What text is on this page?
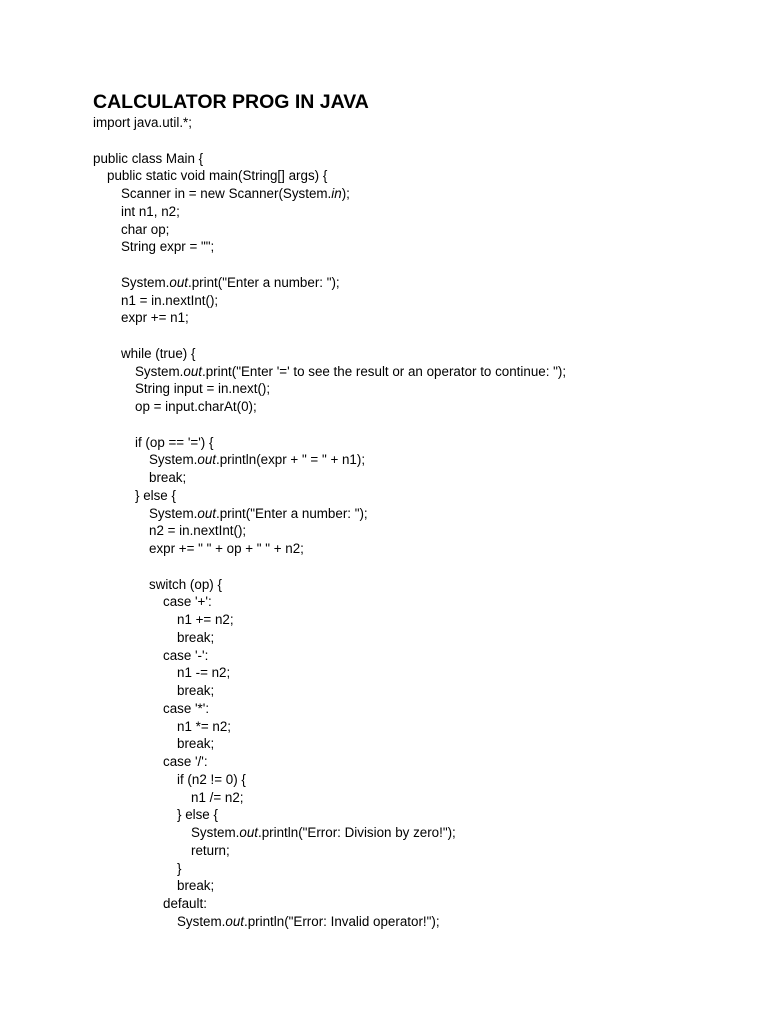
CALCULATOR PROG IN JAVA
import java.util.*;
public class Main {
public static void main(String[] args) {
Scanner in = new Scanner(System.in);
int n1, n2;
char op;
String expr = "";
System.out.print("Enter a number: ");
n1 = in.nextInt();
expr += n1;
while (true) {
System.out.print("Enter '=' to see the result or an operator to continue: ");
String input = in.next();
op = input.charAt(0);
if (op == '=') {
System.out.println(expr + " = " + n1);
break;
} else {
System.out.print("Enter a number: ");
n2 = in.nextInt();
expr += " " + op + " " + n2;
switch (op) {
case '+':
n1 += n2;
break;
case '-':
n1 -= n2;
break;
case '*':
n1 *= n2;
break;
case '/':
if (n2 != 0) {
n1 /= n2;
} else {
System.out.println("Error: Division by zero!");
return;
}
break;
default:
System.out.println("Error: Invalid operator!");
